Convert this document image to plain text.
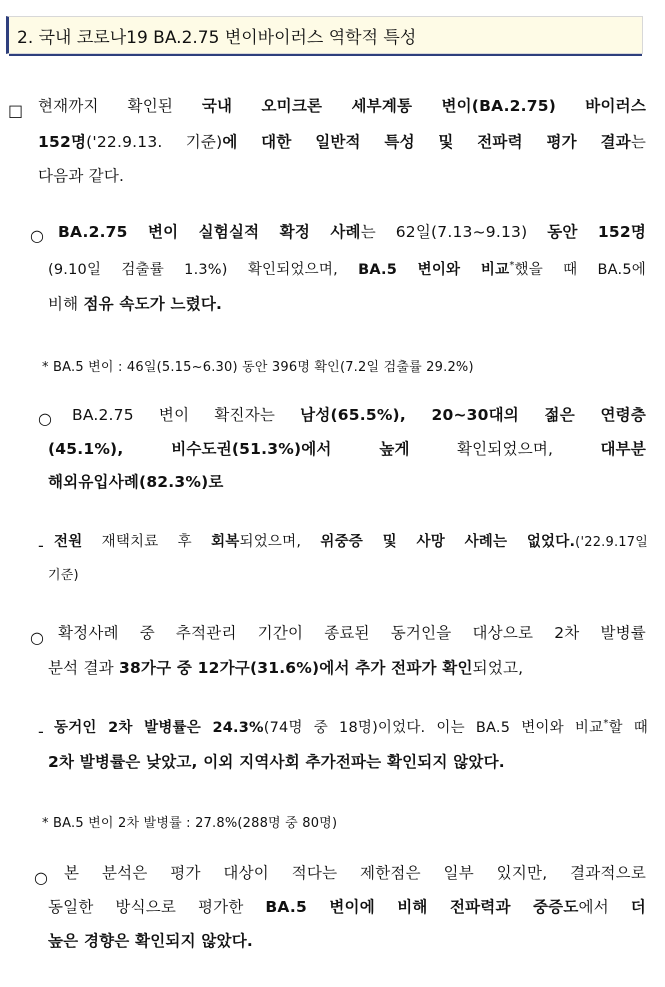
2. 국내 코로나19 BA.2.75 변이바이러스 역학적 특성
□ 현재까지 확인된 국내 오미크론 세부계통 변이(BA.2.75) 바이러스
152명('22.9.13. 기준)에 대한 일반적 특성 및 전파력 평가 결과는
다음과 같다.
○ BA.2.75 변이 실험실적 확정 사례는 62일(7.13~9.13) 동안 152명
(9.10일 검출률 1.3%) 확인되었으며, BA.5 변이와 비교*했을 때 BA.5에
비해 점유 속도가 느렸다.
* BA.5 변이 : 46일(5.15~6.30) 동안 396명 확인(7.2일 검출률 29.2%)
○ BA.2.75 변이 확진자는 남성(65.5%), 20~30대의 젊은 연령층
(45.1%), 비수도권(51.3%)에서 높게 확인되었으며, 대부분
해외유입사례(82.3%)로
- 전원 재택치료 후 회복되었으며, 위중증 및 사망 사례는 없었다.('22.9.17일
기준)
○ 확정사례 중 추적관리 기간이 종료된 동거인을 대상으로 2차 발병률
분석 결과 38가구 중 12가구(31.6%)에서 추가 전파가 확인되었고,
- 동거인 2차 발병률은 24.3%(74명 중 18명)이었다. 이는 BA.5 변이와 비교*할 때
2차 발병률은 낮았고, 이외 지역사회 추가전파는 확인되지 않았다.
* BA.5 변이 2차 발병률 : 27.8%(288명 중 80명)
○ 본 분석은 평가 대상이 적다는 제한점은 일부 있지만, 결과적으로
동일한 방식으로 평가한 BA.5 변이에 비해 전파력과 중증도에서 더
높은 경향은 확인되지 않았다.
